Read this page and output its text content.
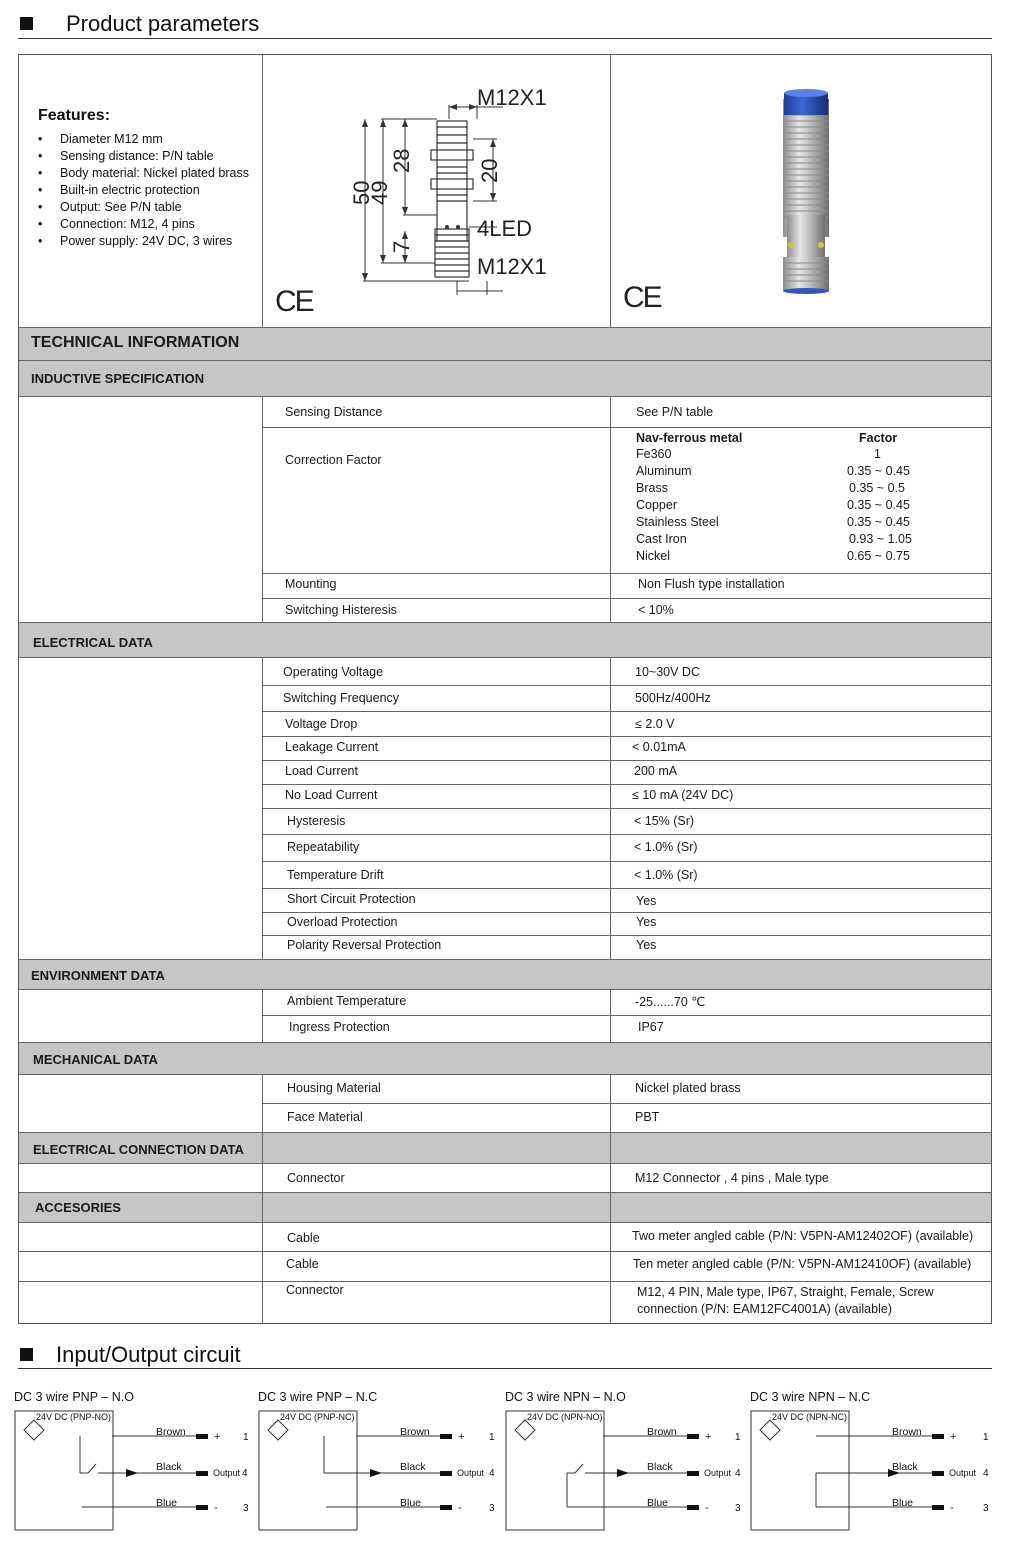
Product parameters
Features:
• Diameter M12 mm
• Sensing distance: P/N table
• Body material: Nickel plated brass
• Built-in electric protection
• Output: See P/N table
• Connection: M12, 4 pins
• Power supply: 24V DC, 3 wires
M12X1
M12X1
4LED
50
49
28	20
7
CE	CE
TECHNICAL INFORMATION
INDUCTIVE SPECIFICATION
ELECTRICAL DATA
ENVIRONMENT DATA
MECHANICAL DATA
ELECTRICAL CONNECTION DATA
ACCESORIES
Sensing Distance	See P/N table
Correction Factor
Nav-ferrous metal	Factor
Fe360	1
Aluminum	0.35 ~ 0.45
Brass	0.35 ~ 0.5
Copper	0.35 ~ 0.45
Stainless Steel	0.35 ~ 0.45
Cast Iron	0.93 ~ 1.05
Nickel	0.65 ~ 0.75
Mounting	Non Flush type installation
Switching Histeresis	< 10%
Operating Voltage	10~30V DC
Switching Frequency	500Hz/400Hz
Voltage Drop	≤ 2.0 V
Leakage Current	< 0.01mA
Load Current	200 mA
No Load Current	≤ 10 mA (24V DC)
Hysteresis	< 15% (Sr)
Repeatability	< 1.0% (Sr)
Temperature Drift	< 1.0% (Sr)
Short Circuit Protection	Yes
Overload Protection	Yes
Polarity Reversal Protection	Yes
Ambient Temperature	-25......70 ℃
Ingress Protection	IP67
Housing Material	Nickel plated brass
Face Material	PBT
Connector	M12 Connector , 4 pins , Male type
Cable	Two meter angled cable (P/N: V5PN-AM12402OF) (available)
Cable	Ten meter angled cable (P/N: V5PN-AM12410OF) (available)
Connector	M12, 4 PIN, Male type, IP67, Straight, Female, Screw
connection (P/N: EAM12FC4001A) (available)
Input/Output circuit
DC 3 wire PNP – N.O
24V DC (PNP-NO)
Brown
Black
Blue
+
Output
-
1
4
3
DC 3 wire PNP – N.C
24V DC (PNP-NC)
Brown
Black
Blue
+
Output
-
1
4
3
DC 3 wire NPN – N.O
24V DC (NPN-NO)
Brown
Black
Blue
+
Output
-
1
4
3
DC 3 wire NPN – N.C
24V DC (NPN-NC)
Brown
Black
Blue
+
Output
-
1
4
3
